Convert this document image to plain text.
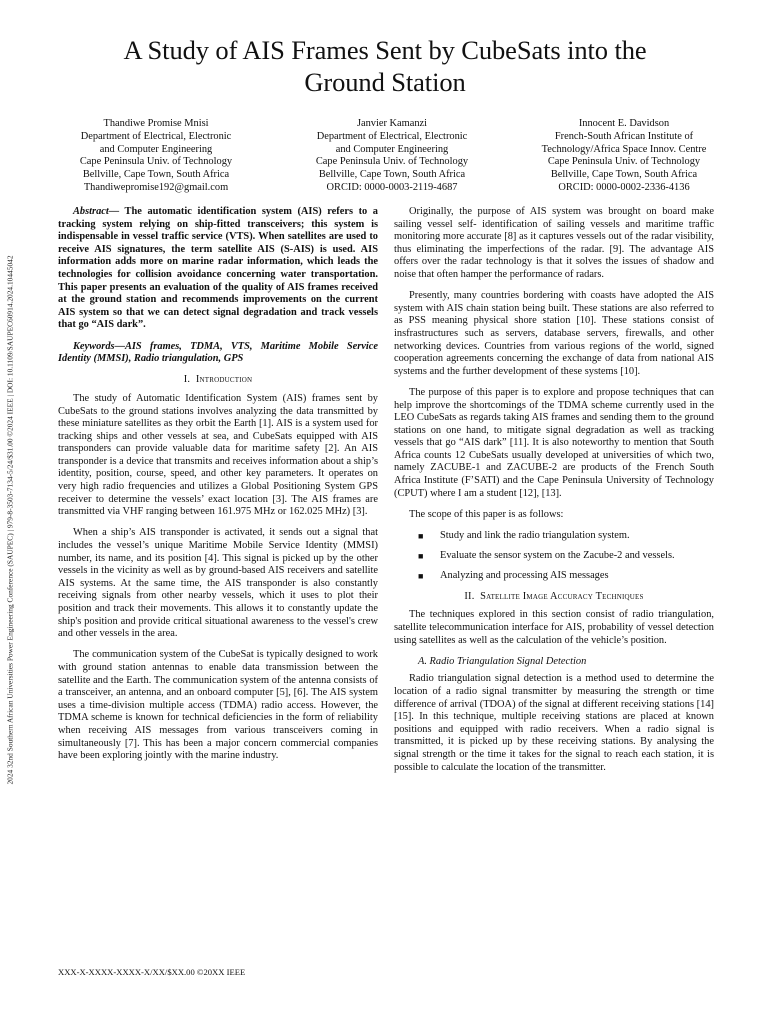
2024 32nd Southern African Universities Power Engineering Conference (SAUPEC) | 979-8-3503-7134-5/24/$31.00 ©2024 IEEE | DOI: 10.1109/SAUPEC60914.2024.10445042
A Study of AIS Frames Sent by CubeSats into the
Ground Station
Thandiwe Promise Mnisi
Department of Electrical, Electronic
and Computer Engineering
Cape Peninsula Univ. of Technology
Bellville, Cape Town, South Africa
Thandiwepromise192@gmail.com
Janvier Kamanzi
Department of Electrical, Electronic
and Computer Engineering
Cape Peninsula Univ. of Technology
Bellville, Cape Town, South Africa
ORCID: 0000-0003-2119-4687
Innocent E. Davidson
French-South African Institute of
Technology/Africa Space Innov. Centre
Cape Peninsula Univ. of Technology
Bellville, Cape Town, South Africa
ORCID: 0000-0002-2336-4136

Abstract— The automatic identification system (AIS) refers to a tracking system relying on ship-fitted transceivers; this system is indispensable in vessel traffic service (VTS). When satellites are used to receive AIS signatures, the term satellite AIS (S-AIS) is used. AIS information adds more on marine radar information, which leads the technologies for collision avoidance concerning water transportation. This paper presents an evaluation of the quality of AIS frames received at the ground station and recommends improvements on the current AIS system so that we can detect signal degradation and track vessels that go “AIS dark”.

Keywords—AIS frames, TDMA, VTS, Maritime Mobile Service Identity (MMSI), Radio triangulation, GPS

I. Introduction

The study of Automatic Identification System (AIS) frames sent by CubeSats to the ground stations involves analyzing the data transmitted by these miniature satellites as they orbit the Earth [1]. AIS is a system used for tracking ships and other vessels at sea, and CubeSats equipped with AIS transponders can provide valuable data for maritime safety [2]. An AIS transponder is a device that transmits and receives information about a ship’s identity, position, course, speed, and other key parameters. It operates on very high radio frequencies and utilizes a Global Positioning System GPS receiver to determine the vessels’ exact location [3]. The AIS frames are transmitted via VHF ranging between 161.975 MHz or 162.025 MHz) [3].

When a ship’s AIS transponder is activated, it sends out a signal that includes the vessel’s unique Maritime Mobile Service Identity (MMSI) number, its name, and its position [4]. This signal is picked up by the other vessels in the vicinity as well as by ground-based AIS receivers and satellite AIS systems. At the same time, the AIS transponder is also constantly receiving signals from other nearby vessels, which it uses to plot their position and track their movements. This allows it to constantly update the ship's position and provide critical situational awareness to the vessel's crew and other vessels in the area.

The communication system of the CubeSat is typically designed to work with ground station antennas to enable data transmission between the satellite and the Earth. The communication system of the antenna consists of a transceiver, an antenna, and an onboard computer [5], [6]. The AIS system uses a time-division multiple access (TDMA) radio access. However, the TDMA scheme is known for technical deficiencies in the form of reliability when receiving AIS messages from various transceivers coming in simultaneously [7]. This has been a major concern commercial companies have been exploring jointly with the marine industry.

Originally, the purpose of AIS system was brought on board make sailing vessel self- identification of sailing vessels and maritime traffic monitoring more accurate [8] as it captures vessels out of the radar visibility, thus eliminating the imperfections of the radar. [9]. The advantage AIS offers over the radar technology is that it solves the issues of shadow and noise that often hamper the performance of radars.

Presently, many countries bordering with coasts have adopted the AIS system with AIS chain station being built. These stations are also referred to as PSS meaning physical shore station [10]. These stations consist of insfrastructures such as servers, database servers, firewalls, and other networking devices. Countries from various regions of the world, signed cooperation agreements concerning the exchange of data from national AIS systems and the further development of these systems [10].

The purpose of this paper is to explore and propose techniques that can help improve the shortcomings of the TDMA scheme currently used in the LEO CubeSats as regards taking AIS frames and sending them to the ground stations on one hand, to mitigate signal degradation as well as tracking vessels that go “AIS dark” [11]. It is also noteworthy to mention that South Africa counts 12 CubeSats usually developed at universities of which two, namely ZACUBE-1 and ZACUBE-2 are products of the French South Africa Institute (F’SATI) and the Cape Peninsula University of Technology (CPUT) where I am a student [12], [13].

The scope of this paper is as follows:

■ Study and link the radio triangulation system.
■ Evaluate the sensor system on the Zacube-2 and vessels.
■ Analyzing and processing AIS messages
II. Satellite Image Accuracy Techniques

The techniques explored in this section consist of radio triangulation, satellite telecommunication interface for AIS, probability of vessel detection using satellites as well as the calculation of the vehicle’s position.

A. Radio Triangulation Signal Detection

Radio triangulation signal detection is a method used to determine the location of a radio signal transmitter by measuring the strength or time difference of arrival (TDOA) of the signal at different receiving stations [14][15]. In this technique, multiple receiving stations are placed at known positions and equipped with radio receivers. When a radio signal is transmitted, it is picked up by these receiving stations. By analysing the signal strength or the time it takes for the signal to reach each station, it is possible to calculate the location of the transmitter.

XXX-X-XXXX-XXXX-X/XX/$XX.00 ©20XX IEEE
